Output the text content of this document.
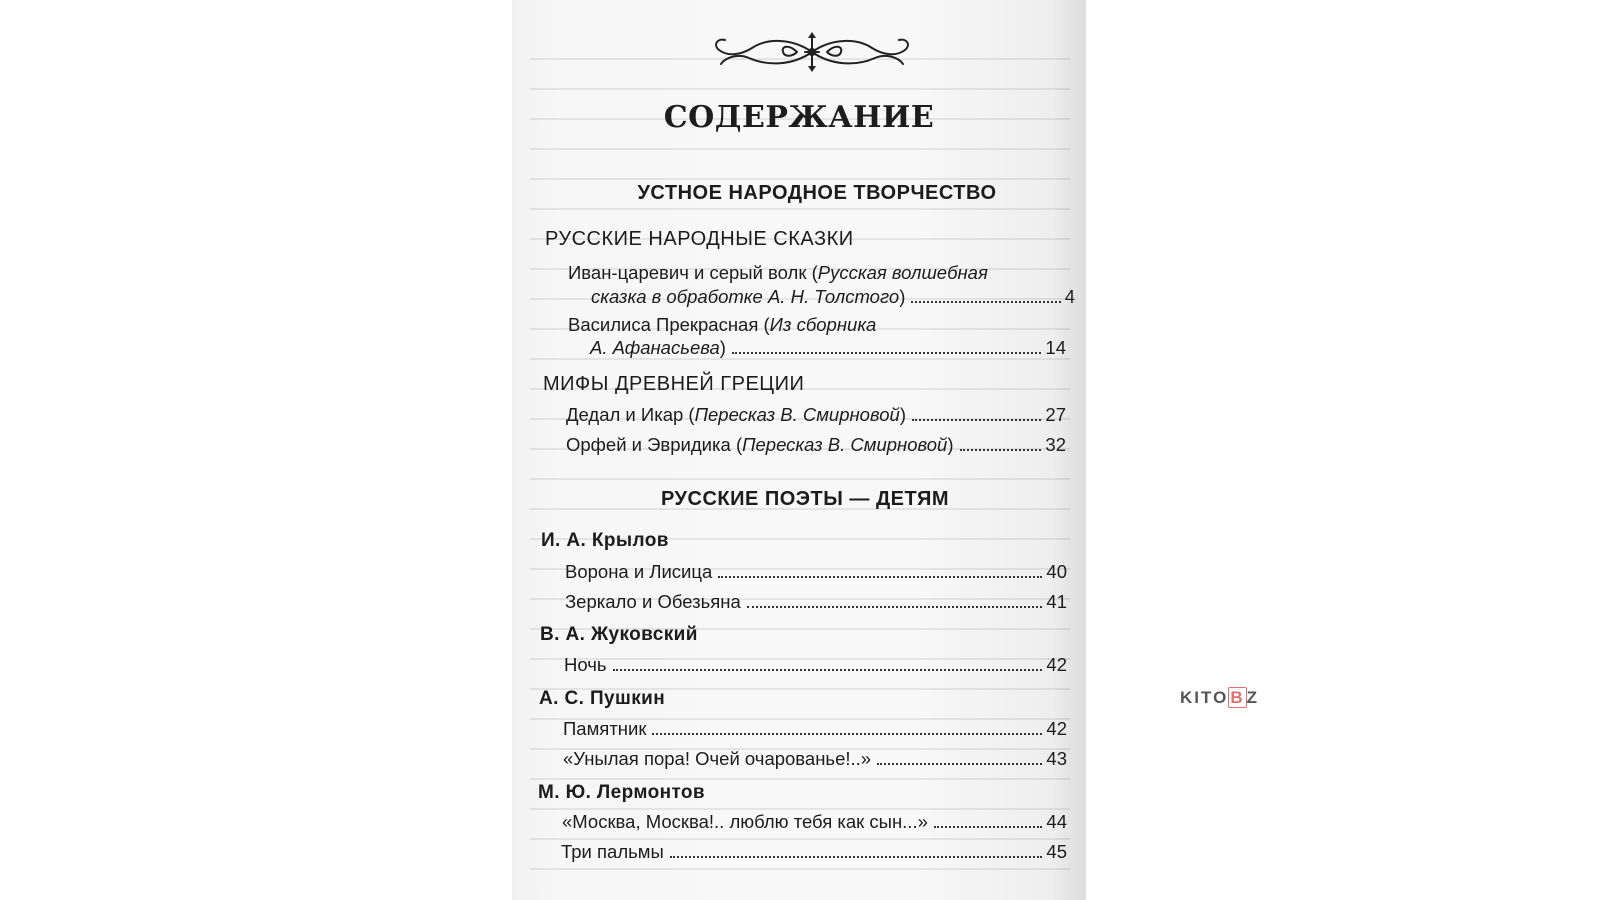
СОДЕРЖАНИЕ
УСТНОЕ НАРОДНОЕ ТВОРЧЕСТВО
РУССКИЕ НАРОДНЫЕ СКАЗКИ
Иван-царевич и серый волк (Русская волшебная
сказка в обработке А. Н. Толстого)	4
Василиса Прекрасная (Из сборника
А. Афанасьева)	14
МИФЫ ДРЕВНЕЙ ГРЕЦИИ
Дедал и Икар (Пересказ В. Смирновой)	27
Орфей и Эвридика (Пересказ В. Смирновой)	32
РУССКИЕ ПОЭТЫ — ДЕТЯМ
И. А. Крылов
Ворона и Лисица	40
Зеркало и Обезьяна	41
В. А. Жуковский
Ночь	42
А. С. Пушкин
Памятник	42
«Унылая пора! Очей очарованье!..»	43
М. Ю. Лермонтов
«Москва, Москва!.. люблю тебя как сын...»	44
Три пальмы	45
KITO B Z
